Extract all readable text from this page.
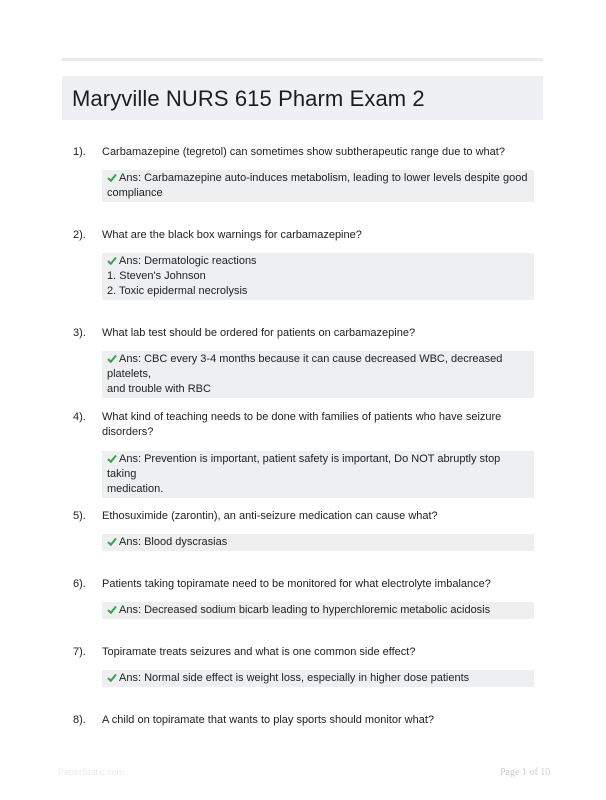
Maryville NURS 615 Pharm Exam 2
1). Carbamazepine (tegretol) can sometimes show subtherapeutic range due to what?
Ans: Carbamazepine auto-induces metabolism, leading to lower levels despite good
compliance
2). What are the black box warnings for carbamazepine?
Ans: Dermatologic reactions
1. Steven's Johnson
2. Toxic epidermal necrolysis
3). What lab test should be ordered for patients on carbamazepine?
Ans: CBC every 3-4 months because it can cause decreased WBC, decreased platelets,
and trouble with RBC
4). What kind of teaching needs to be done with families of patients who have seizure disorders?
Ans: Prevention is important, patient safety is important, Do NOT abruptly stop taking
medication.
5). Ethosuximide (zarontin), an anti-seizure medication can cause what?
Ans: Blood dyscrasias
6). Patients taking topiramate need to be monitored for what electrolyte imbalance?
Ans: Decreased sodium bicarb leading to hyperchloremic metabolic acidosis
7). Topiramate treats seizures and what is one common side effect?
Ans: Normal side effect is weight loss, especially in higher dose patients
8). A child on topiramate that wants to play sports should monitor what?
PaperStatic.com	Page 1 of 10
